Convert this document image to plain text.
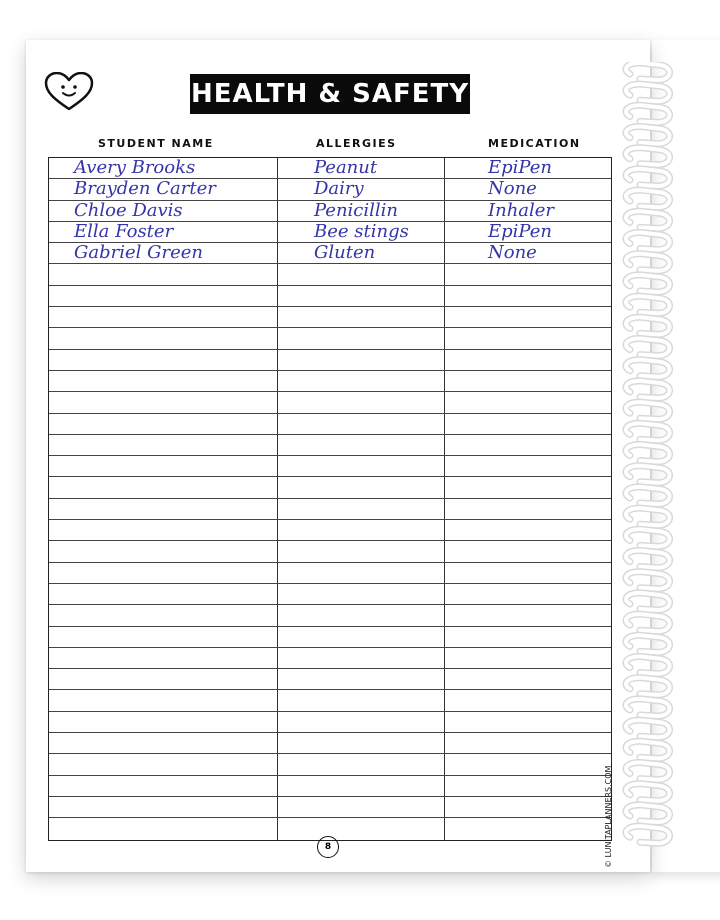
HEALTH & SAFETY
STUDENT NAME	ALLERGIES	MEDICATION
Avery Brooks	Peanut	EpiPen
Brayden Carter	Dairy	None
Chloe Davis	Penicillin	Inhaler
Ella Foster	Bee stings	EpiPen
Gabriel Green	Gluten	None
© LUNITAPLANNERS.COM
8
